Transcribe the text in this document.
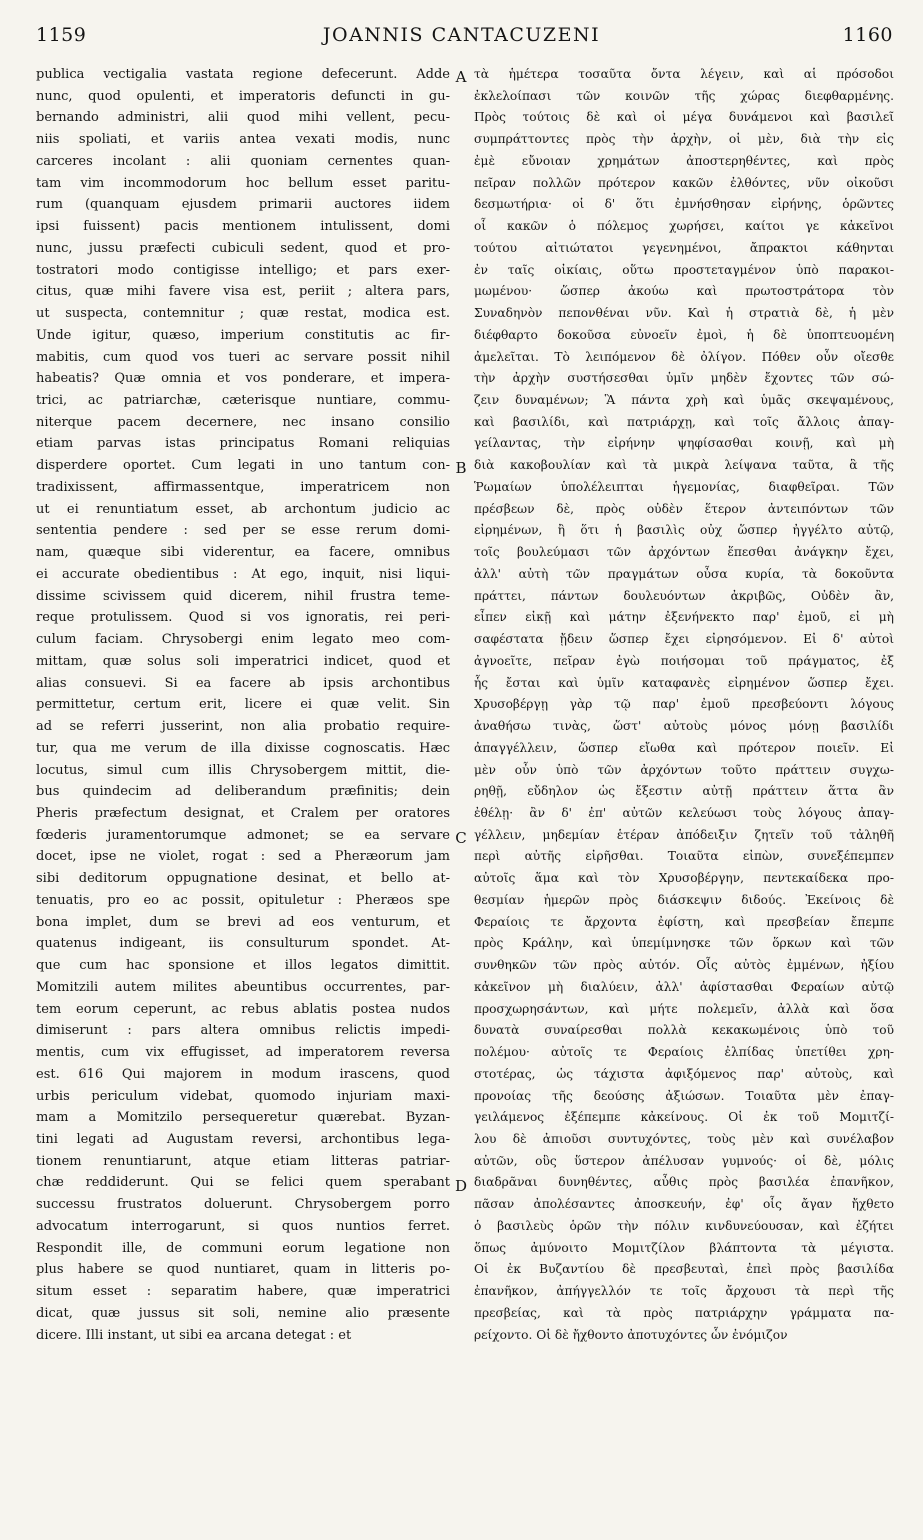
1159	JOANNIS CANTACUZENI	1160
publica vectigalia vastata regione defecerunt. Adde
nunc, quod opulenti, et imperatoris defuncti in gu-
bernando administri, alii quod mihi vellent, pecu-
niis spoliati, et variis antea vexati modis, nunc
carceres incolant : alii quoniam cernentes quan-
tam vim incommodorum hoc bellum esset paritu-
rum (quanquam ejusdem primarii auctores iidem
ipsi fuissent) pacis mentionem intulissent, domi
nunc, jussu præfecti cubiculi sedent, quod et pro-
tostratori modo contigisse intelligo; et pars exer-
citus, quæ mihi favere visa est, periit ; altera pars,
ut suspecta, contemnitur ; quæ restat, modica est.
Unde igitur, quæso, imperium constitutis ac fir-
mabitis, cum quod vos tueri ac servare possit nihil
habeatis? Quæ omnia et vos ponderare, et impera-
trici, ac patriarchæ, cæterisque nuntiare, commu-
niterque pacem decernere, nec insano consilio
etiam parvas istas principatus Romani reliquias
disperdere oportet. Cum legati in uno tantum con-
tradixissent, affirmassentque, imperatricem non
ut ei renuntiatum esset, ab archontum judicio ac
sententia pendere : sed per se esse rerum domi-
nam, quæque sibi viderentur, ea facere, omnibus
ei accurate obedientibus : At ego, inquit, nisi liqui-
dissime scivissem quid dicerem, nihil frustra teme-
reque protulissem. Quod si vos ignoratis, rei peri-
culum faciam. Chrysobergi enim legato meo com-
mittam, quæ solus soli imperatrici indicet, quod et
alias consuevi. Si ea facere ab ipsis archontibus
permittetur, certum erit, licere ei quæ velit. Sin
ad se referri jusserint, non alia probatio require-
tur, qua me verum de illa dixisse cognoscatis. Hæc
locutus, simul cum illis Chrysobergem mittit, die-
bus quindecim ad deliberandum præfinitis; dein
Pheris præfectum designat, et Cralem per oratores
fœderis juramentorumque admonet; se ea servare
docet, ipse ne violet, rogat : sed a Pheræorum jam
sibi deditorum oppugnatione desinat, et bello at-
tenuatis, pro eo ac possit, opituletur : Pheræos spe
bona implet, dum se brevi ad eos venturum, et
quatenus indigeant, iis consulturum spondet. At-
que cum hac sponsione et illos legatos dimittit.
Momitzili autem milites abeuntibus occurrentes, par-
tem eorum ceperunt, ac rebus ablatis postea nudos
dimiserunt : pars altera omnibus relictis impedi-
mentis, cum vix effugisset, ad imperatorem reversa
est. 616 Qui majorem in modum irascens, quod
urbis periculum videbat, quomodo injuriam maxi-
mam a Momitzilo persequeretur quærebat. Byzan-
tini legati ad Augustam reversi, archontibus lega-
tionem renuntiarunt, atque etiam litteras patriar-
chæ reddiderunt. Qui se felici quem sperabant
successu frustratos doluerunt. Chrysobergem porro
advocatum interrogarunt, si quos nuntios ferret.
Respondit ille, de communi eorum legatione non
plus habere se quod nuntiaret, quam in litteris po-
situm esset : separatim habere, quæ imperatrici
dicat, quæ jussus sit soli, nemine alio præsente
dicere. Illi instant, ut sibi ea arcana detegat : et
A
B
C
D
τὰ ἡμέτερα τοσαῦτα ὄντα λέγειν, καὶ αἱ πρόσοδοι
ἐκλελοίπασι τῶν κοινῶν τῆς χώρας διεφθαρμένης.
Πρὸς τούτοις δὲ καὶ οἱ μέγα δυνάμενοι καὶ βασιλεῖ
συμπράττοντες πρὸς τὴν ἀρχὴν, οἱ μὲν, διὰ τὴν εἰς
ἐμὲ εὔνοιαν χρημάτων ἀποστερηθέντες, καὶ πρὸς
πεῖραν πολλῶν πρότερον κακῶν ἐλθόντες, νῦν οἰκοῦσι
δεσμωτήρια· οἱ δ' ὅτι ἐμνήσθησαν εἰρήνης, ὁρῶντες
οἷ κακῶν ὁ πόλεμος χωρήσει, καίτοι γε κἀκεῖνοι
τούτου αἰτιώτατοι γεγενημένοι, ἄπρακτοι κάθηνται
ἐν ταῖς οἰκίαις, οὕτω προστεταγμένον ὑπὸ παρακοι-
μωμένου· ὥσπερ ἀκούω καὶ πρωτοστράτορα τὸν
Συναδηνὸν πεπονθέναι νῦν. Καὶ ἡ στρατιὰ δὲ, ἡ μὲν
διέφθαρτο δοκοῦσα εὐνοεῖν ἐμοὶ, ἡ δὲ ὑποπτευομένη
ἀμελεῖται. Τὸ λειπόμενον δὲ ὀλίγον. Πόθεν οὖν οἴεσθε
τὴν ἀρχὴν συστήσεσθαι ὑμῖν μηδὲν ἔχοντες τῶν σώ-
ζειν δυναμένων; Ἃ πάντα χρὴ καὶ ὑμᾶς σκεψαμένους,
καὶ βασιλίδι, καὶ πατριάρχῃ, καὶ τοῖς ἄλλοις ἀπαγ-
γείλαντας, τὴν εἰρήνην ψηφίσασθαι κοινῇ, καὶ μὴ
διὰ κακοβουλίαν καὶ τὰ μικρὰ λείψανα ταῦτα, ἃ τῆς
Ῥωμαίων ὑπολέλειπται ἡγεμονίας, διαφθεῖραι. Τῶν
πρέσβεων δὲ, πρὸς οὐδὲν ἕτερον ἀντειπόντων τῶν
εἰρημένων, ἢ ὅτι ἡ βασιλὶς οὐχ ὥσπερ ἠγγέλτο αὐτῷ,
τοῖς βουλεύμασι τῶν ἀρχόντων ἕπεσθαι ἀνάγκην ἔχει,
ἀλλ' αὐτὴ τῶν πραγμάτων οὖσα κυρία, τὰ δοκοῦντα
πράττει, πάντων δουλευόντων ἀκριβῶς, Οὐδὲν ἂν,
εἶπεν εἰκῇ καὶ μάτην ἐξενήνεκτο παρ' ἐμοῦ, εἰ μὴ
σαφέστατα ᾔδειν ὥσπερ ἔχει εἰρησόμενον. Εἰ δ' αὐτοὶ
ἀγνοεῖτε, πεῖραν ἐγὼ ποιήσομαι τοῦ πράγματος, ἐξ
ἧς ἔσται καὶ ὑμῖν καταφανὲς εἰρημένον ὥσπερ ἔχει.
Χρυσοβέργῃ γὰρ τῷ παρ' ἐμοῦ πρεσβεύοντι λόγους
ἀναθήσω τινὰς, ὥστ' αὐτοὺς μόνος μόνῃ βασιλίδι
ἀπαγγέλλειν, ὥσπερ εἴωθα καὶ πρότερον ποιεῖν. Εἰ
μὲν οὖν ὑπὸ τῶν ἀρχόντων τοῦτο πράττειν συγχω-
ρηθῇ, εὔδηλον ὡς ἔξεστιν αὐτῇ πράττειν ἅττα ἂν
ἐθέλῃ· ἂν δ' ἐπ' αὐτῶν κελεύωσι τοὺς λόγους ἀπαγ-
γέλλειν, μηδεμίαν ἑτέραν ἀπόδειξιν ζητεῖν τοῦ τἀληθῆ
περὶ αὐτῆς εἰρῆσθαι. Τοιαῦτα εἰπὼν, συνεξέπεμπεν
αὐτοῖς ἅμα καὶ τὸν Χρυσοβέργην, πεντεκαίδεκα προ-
θεσμίαν ἡμερῶν πρὸς διάσκεψιν διδούς. Ἐκείνοις δὲ
Φεραίοις τε ἄρχοντα ἐφίστη, καὶ πρεσβείαν ἔπεμπε
πρὸς Κράλην, καὶ ὑπεμίμνησκε τῶν ὅρκων καὶ τῶν
συνθηκῶν τῶν πρὸς αὐτόν. Οἷς αὐτὸς ἐμμένων, ἠξίου
κἀκεῖνον μὴ διαλύειν, ἀλλ' ἀφίστασθαι Φεραίων αὐτῷ
προσχωρησάντων, καὶ μήτε πολεμεῖν, ἀλλὰ καὶ ὅσα
δυνατὰ συναίρεσθαι πολλὰ κεκακωμένοις ὑπὸ τοῦ
πολέμου· αὐτοῖς τε Φεραίοις ἐλπίδας ὑπετίθει χρη-
στοτέρας, ὡς τάχιστα ἀφιξόμενος παρ' αὐτοὺς, καὶ
προνοίας τῆς δεούσης ἀξιώσων. Τοιαῦτα μὲν ἐπαγ-
γειλάμενος ἐξέπεμπε κἀκείνους. Οἱ ἐκ τοῦ Μομιτζί-
λου δὲ ἀπιοῦσι συντυχόντες, τοὺς μὲν καὶ συνέλαβον
αὐτῶν, οὓς ὕστερον ἀπέλυσαν γυμνούς· οἱ δὲ, μόλις
διαδρᾶναι δυνηθέντες, αὖθις πρὸς βασιλέα ἐπανῆκον,
πᾶσαν ἀπολέσαντες ἀποσκευήν, ἐφ' οἷς ἄγαν ἤχθετο
ὁ βασιλεὺς ὁρῶν τὴν πόλιν κινδυνεύουσαν, καὶ ἐζήτει
ὅπως ἀμύνοιτο Μομιτζίλον βλάπτοντα τὰ μέγιστα.
Οἱ ἐκ Βυζαντίου δὲ πρεσβευταὶ, ἐπεὶ πρὸς βασιλίδα
ἐπανῆκον, ἀπήγγελλόν τε τοῖς ἄρχουσι τὰ περὶ τῆς
πρεσβείας, καὶ τὰ πρὸς πατριάρχην γράμματα πα-
ρείχοντο. Οἱ δὲ ἤχθοντο ἀποτυχόντες ὧν ἐνόμιζον
